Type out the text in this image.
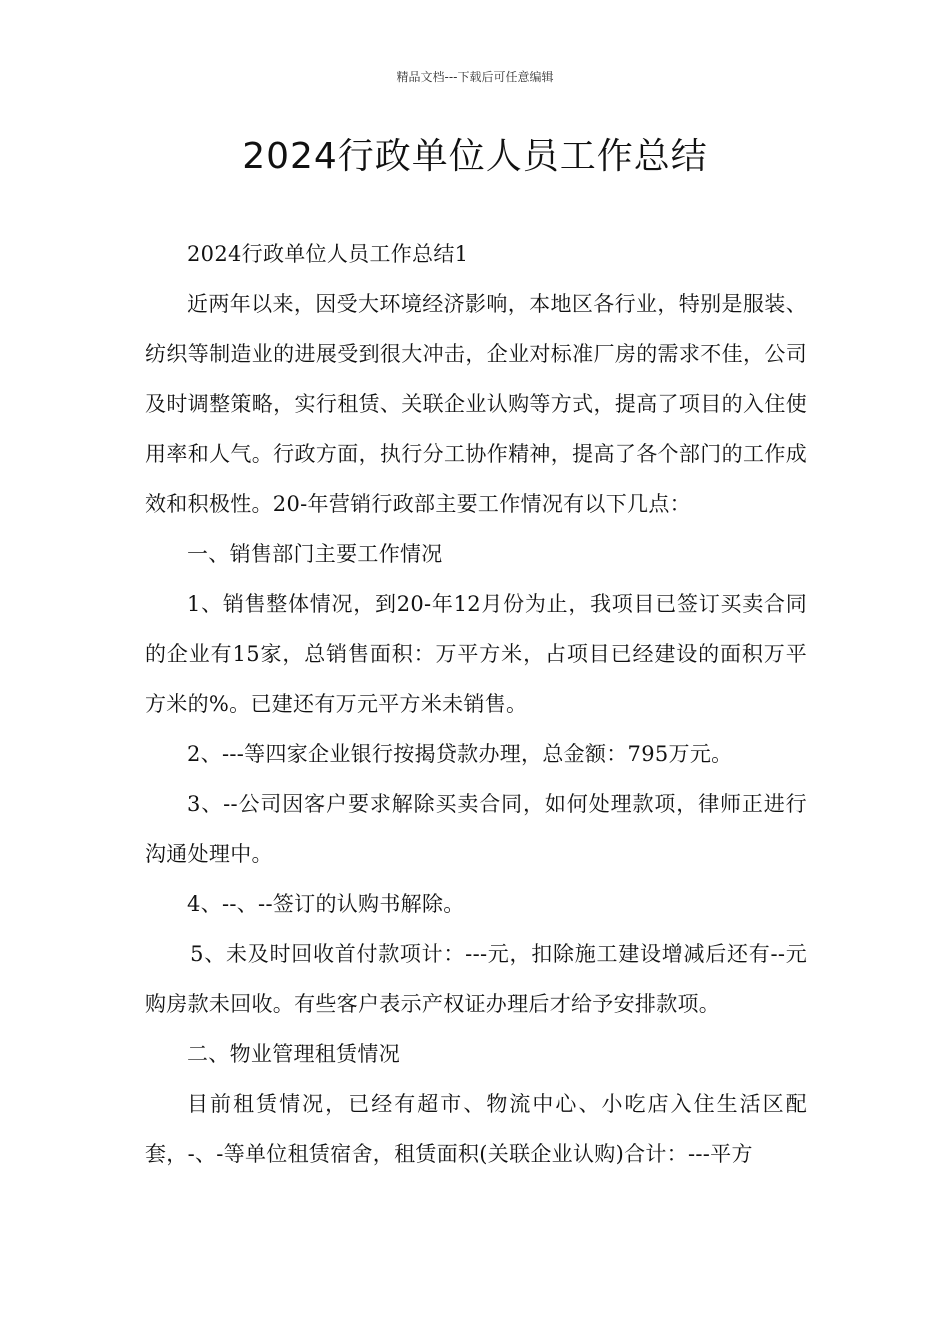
精品文档---下载后可任意编辑
2024行政单位人员工作总结

2024行政单位人员工作总结1

近两年以来，因受大环境经济影响，本地区各行业，特别是服装、纺织等制造业的进展受到很大冲击，企业对标准厂房的需求不佳，公司及时调整策略，实行租赁、关联企业认购等方式，提高了项目的入住使用率和人气。行政方面，执行分工协作精神，提高了各个部门的工作成效和积极性。20-年营销行政部主要工作情况有以下几点：

一、销售部门主要工作情况

1、销售整体情况，到20-年12月份为止，我项目已签订买卖合同的企业有15家，总销售面积：万平方米，占项目已经建设的面积万平方米的%。已建还有万元平方米未销售。

2、---等四家企业银行按揭贷款办理，总金额：795万元。

3、--公司因客户要求解除买卖合同，如何处理款项，律师正进行沟通处理中。

4、--、--签订的认购书解除。

5、未及时回收首付款项计：---元，扣除施工建设增减后还有--元购房款未回收。有些客户表示产权证办理后才给予安排款项。

二、物业管理租赁情况

目前租赁情况，已经有超市、物流中心、小吃店入住生活区配套，-、-等单位租赁宿舍，租赁面积(关联企业认购)合计：---平方
